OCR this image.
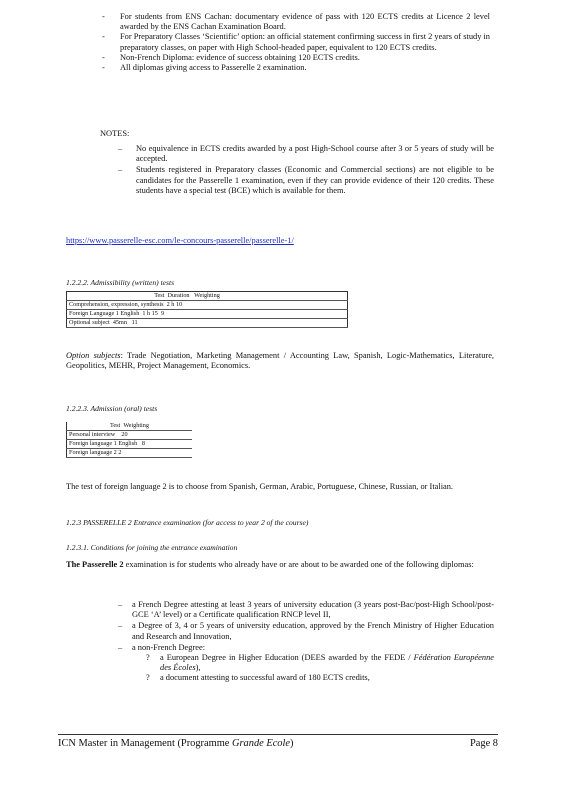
- For students from ENS Cachan: documentary evidence of pass with 120 ECTS credits at Licence 2 level awarded by the ENS Cachan Examination Board.
- For Preparatory Classes ‘Scientific’ option: an official statement confirming success in first 2 years of study in preparatory classes, on paper with High School-headed paper, equivalent to 120 ECTS credits.
- Non-French Diploma: evidence of success obtaining 120 ECTS credits.
- All diplomas giving access to Passerelle 2 examination.
NOTES:
– No equivalence in ECTS credits awarded by a post High-School course after 3 or 5 years of study will be accepted.
– Students registered in Preparatory classes (Economic and Commercial sections) are not eligible to be candidates for the Passerelle 1 examination, even if they can provide evidence of their 120 credits. These students have a special test (BCE) which is available for them.
https://www.passerelle-esc.com/le-concours-passerelle/passerelle-1/
1.2.2.2. Admissibility (written) tests
	Test Duration Weighting	
Comprehension, expression, synthesis 2 h 10		
Foreign Language 1 English 1 h 15 9		
Optional subject 45mn 11		
Option subjects: Trade Negotiation, Marketing Management / Accounting Law, Spanish, Logic-Mathematics, Literature, Geopolitics, MEHR, Project Management, Economics.
1.2.2.3. Admission (oral) tests
Test Weighting
Personal interview 20
Foreign language 1 English 8
Foreign language 2 2
The test of foreign language 2 is to choose from Spanish, German, Arabic, Portuguese, Chinese, Russian, or Italian.
1.2.3 PASSERELLE 2 Entrance examination (for access to year 2 of the course)
1.2.3.1. Conditions for joining the entrance examination
The Passerelle 2 examination is for students who already have or are about to be awarded one of the following diplomas:
– a French Degree attesting at least 3 years of university education (3 years post-Bac/post-High School/post-GCE ‘A’ level) or a Certificate qualification RNCP level II,
– a Degree of 3, 4 or 5 years of university education, approved by the French Ministry of Higher Education and Research and Innovation,
– a non-French Degree:
? a European Degree in Higher Education (DEES awarded by the FEDE / Fédération Européenne des Écoles),
? a document attesting to successful award of 180 ECTS credits,
ICN Master in Management (Programme Grande Ecole)	Page 8
